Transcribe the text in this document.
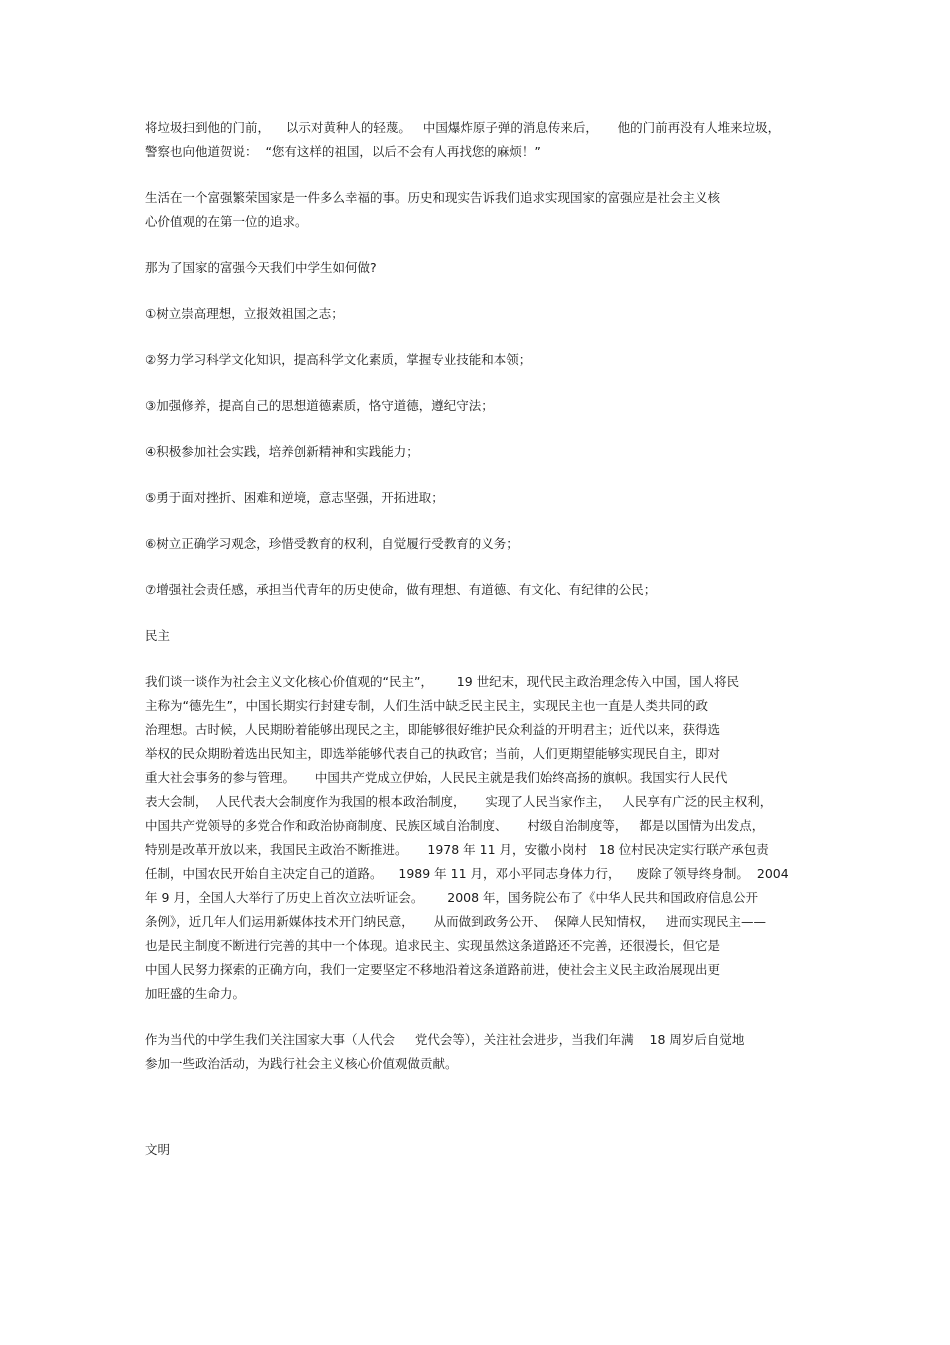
将垃圾扫到他的门前，    以示对黄种人的轻蔑。   中国爆炸原子弹的消息传来后，     他的门前再没有人堆来垃圾，
警察也向他道贺说：  “您有这样的祖国，以后不会有人再找您的麻烦！”
生活在一个富强繁荣国家是一件多么幸福的事。历史和现实告诉我们追求实现国家的富强应是社会主义核
心价值观的在第一位的追求。
那为了国家的富强今天我们中学生如何做?
①树立崇高理想，立报效祖国之志；
②努力学习科学文化知识，提高科学文化素质，掌握专业技能和本领；
③加强修养，提高自己的思想道德素质，恪守道德，遵纪守法；
④积极参加社会实践，培养创新精神和实践能力；
⑤勇于面对挫折、困难和逆境，意志坚强，开拓进取；
⑥树立正确学习观念，珍惜受教育的权利，自觉履行受教育的义务；
⑦增强社会责任感，承担当代青年的历史使命，做有理想、有道德、有文化、有纪律的公民；
民主
我们谈一谈作为社会主义文化核心价值观的“民主”，      19 世纪末，现代民主政治理念传入中国，国人将民
主称为“德先生”，中国长期实行封建专制，人们生活中缺乏民主民主，实现民主也一直是人类共同的政
治理想。古时候，人民期盼着能够出现民之主，即能够很好维护民众利益的开明君主；近代以来，获得选
举权的民众期盼着选出民知主，即选举能够代表自己的执政官；当前，人们更期望能够实现民自主，即对
重大社会事务的参与管理。     中国共产党成立伊始，人民民主就是我们始终高扬的旗帜。我国实行人民代
表大会制，  人民代表大会制度作为我国的根本政治制度，     实现了人民当家作主，   人民享有广泛的民主权利，
中国共产党领导的多党合作和政治协商制度、民族区域自治制度、     村级自治制度等，   都是以国情为出发点，
特别是改革开放以来，我国民主政治不断推进。     1978 年 11 月，安徽小岗村   18 位村民决定实行联产承包责
任制，中国农民开始自主决定自己的道路。    1989 年 11 月，邓小平同志身体力行，    废除了领导终身制。  2004
年 9 月，全国人大举行了历史上首次立法听证会。      2008 年，国务院公布了《中华人民共和国政府信息公开
条例》，近几年人们运用新媒体技术开门纳民意，     从而做到政务公开、  保障人民知情权，   进而实现民主——
也是民主制度不断进行完善的其中一个体现。追求民主、实现虽然这条道路还不完善，还很漫长，但它是
中国人民努力探索的正确方向，我们一定要坚定不移地沿着这条道路前进，使社会主义民主政治展现出更
加旺盛的生命力。
作为当代的中学生我们关注国家大事（人代会     党代会等），关注社会进步，当我们年满    18 周岁后自觉地
参加一些政治活动，为践行社会主义核心价值观做贡献。
文明
